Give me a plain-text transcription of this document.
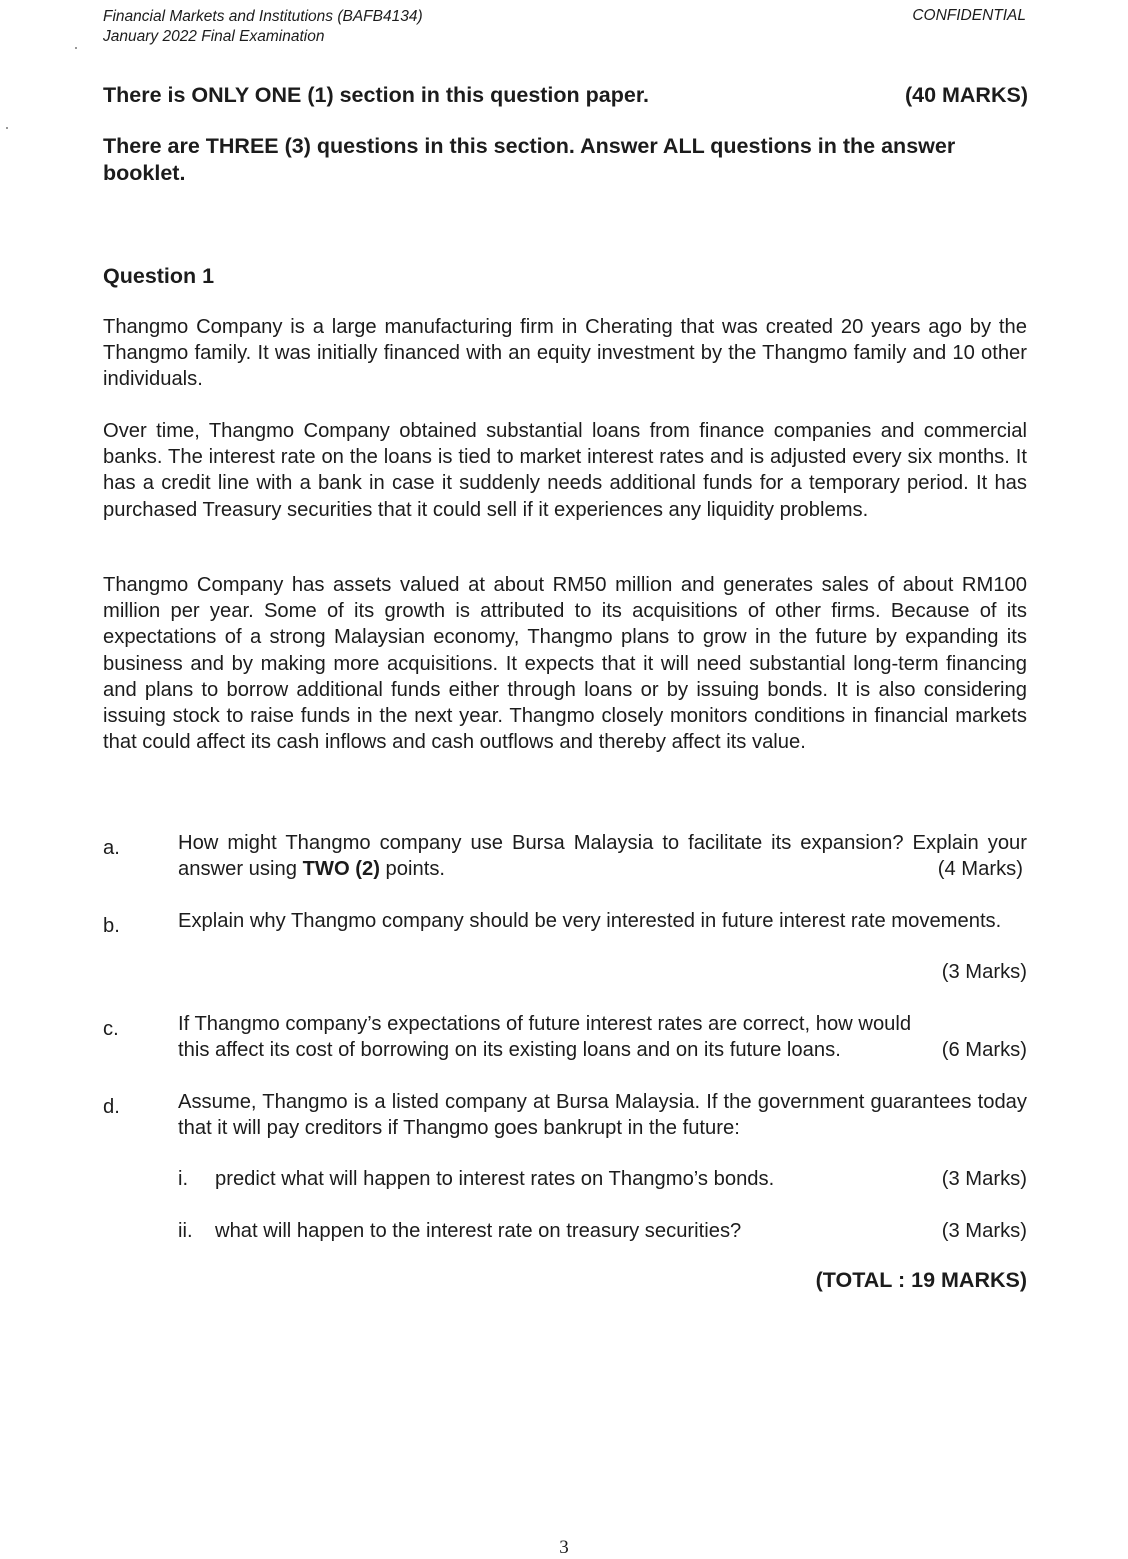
Financial Markets and Institutions (BAFB4134)
January 2022 Final Examination
CONFIDENTIAL
There is ONLY ONE (1) section in this question paper.	(40 MARKS)
There are THREE (3) questions in this section. Answer ALL questions in the answer booklet.
Question 1
Thangmo Company is a large manufacturing firm in Cherating that was created 20 years ago by the Thangmo family. It was initially financed with an equity investment by the Thangmo family and 10 other individuals.
Over time, Thangmo Company obtained substantial loans from finance companies and commercial banks. The interest rate on the loans is tied to market interest rates and is adjusted every six months. It has a credit line with a bank in case it suddenly needs additional funds for a temporary period. It has purchased Treasury securities that it could sell if it experiences any liquidity problems.
Thangmo Company has assets valued at about RM50 million and generates sales of about RM100 million per year. Some of its growth is attributed to its acquisitions of other firms. Because of its expectations of a strong Malaysian economy, Thangmo plans to grow in the future by expanding its business and by making more acquisitions. It expects that it will need substantial long-term financing and plans to borrow additional funds either through loans or by issuing bonds. It is also considering issuing stock to raise funds in the next year. Thangmo closely monitors conditions in financial markets that could affect its cash inflows and cash outflows and thereby affect its value.
a.	How might Thangmo company use Bursa Malaysia to facilitate its expansion? Explain your answer using TWO (2) points.	(4 Marks)
b.	Explain why Thangmo company should be very interested in future interest rate movements.
(3 Marks)
c.	If Thangmo company’s expectations of future interest rates are correct, how would this affect its cost of borrowing on its existing loans and on its future loans.	(6 Marks)
d.	Assume, Thangmo is a listed company at Bursa Malaysia. If the government guarantees today that it will pay creditors if Thangmo goes bankrupt in the future:
i. predict what will happen to interest rates on Thangmo’s bonds.	(3 Marks)
ii. what will happen to the interest rate on treasury securities?	(3 Marks)
(TOTAL : 19 MARKS)
3
